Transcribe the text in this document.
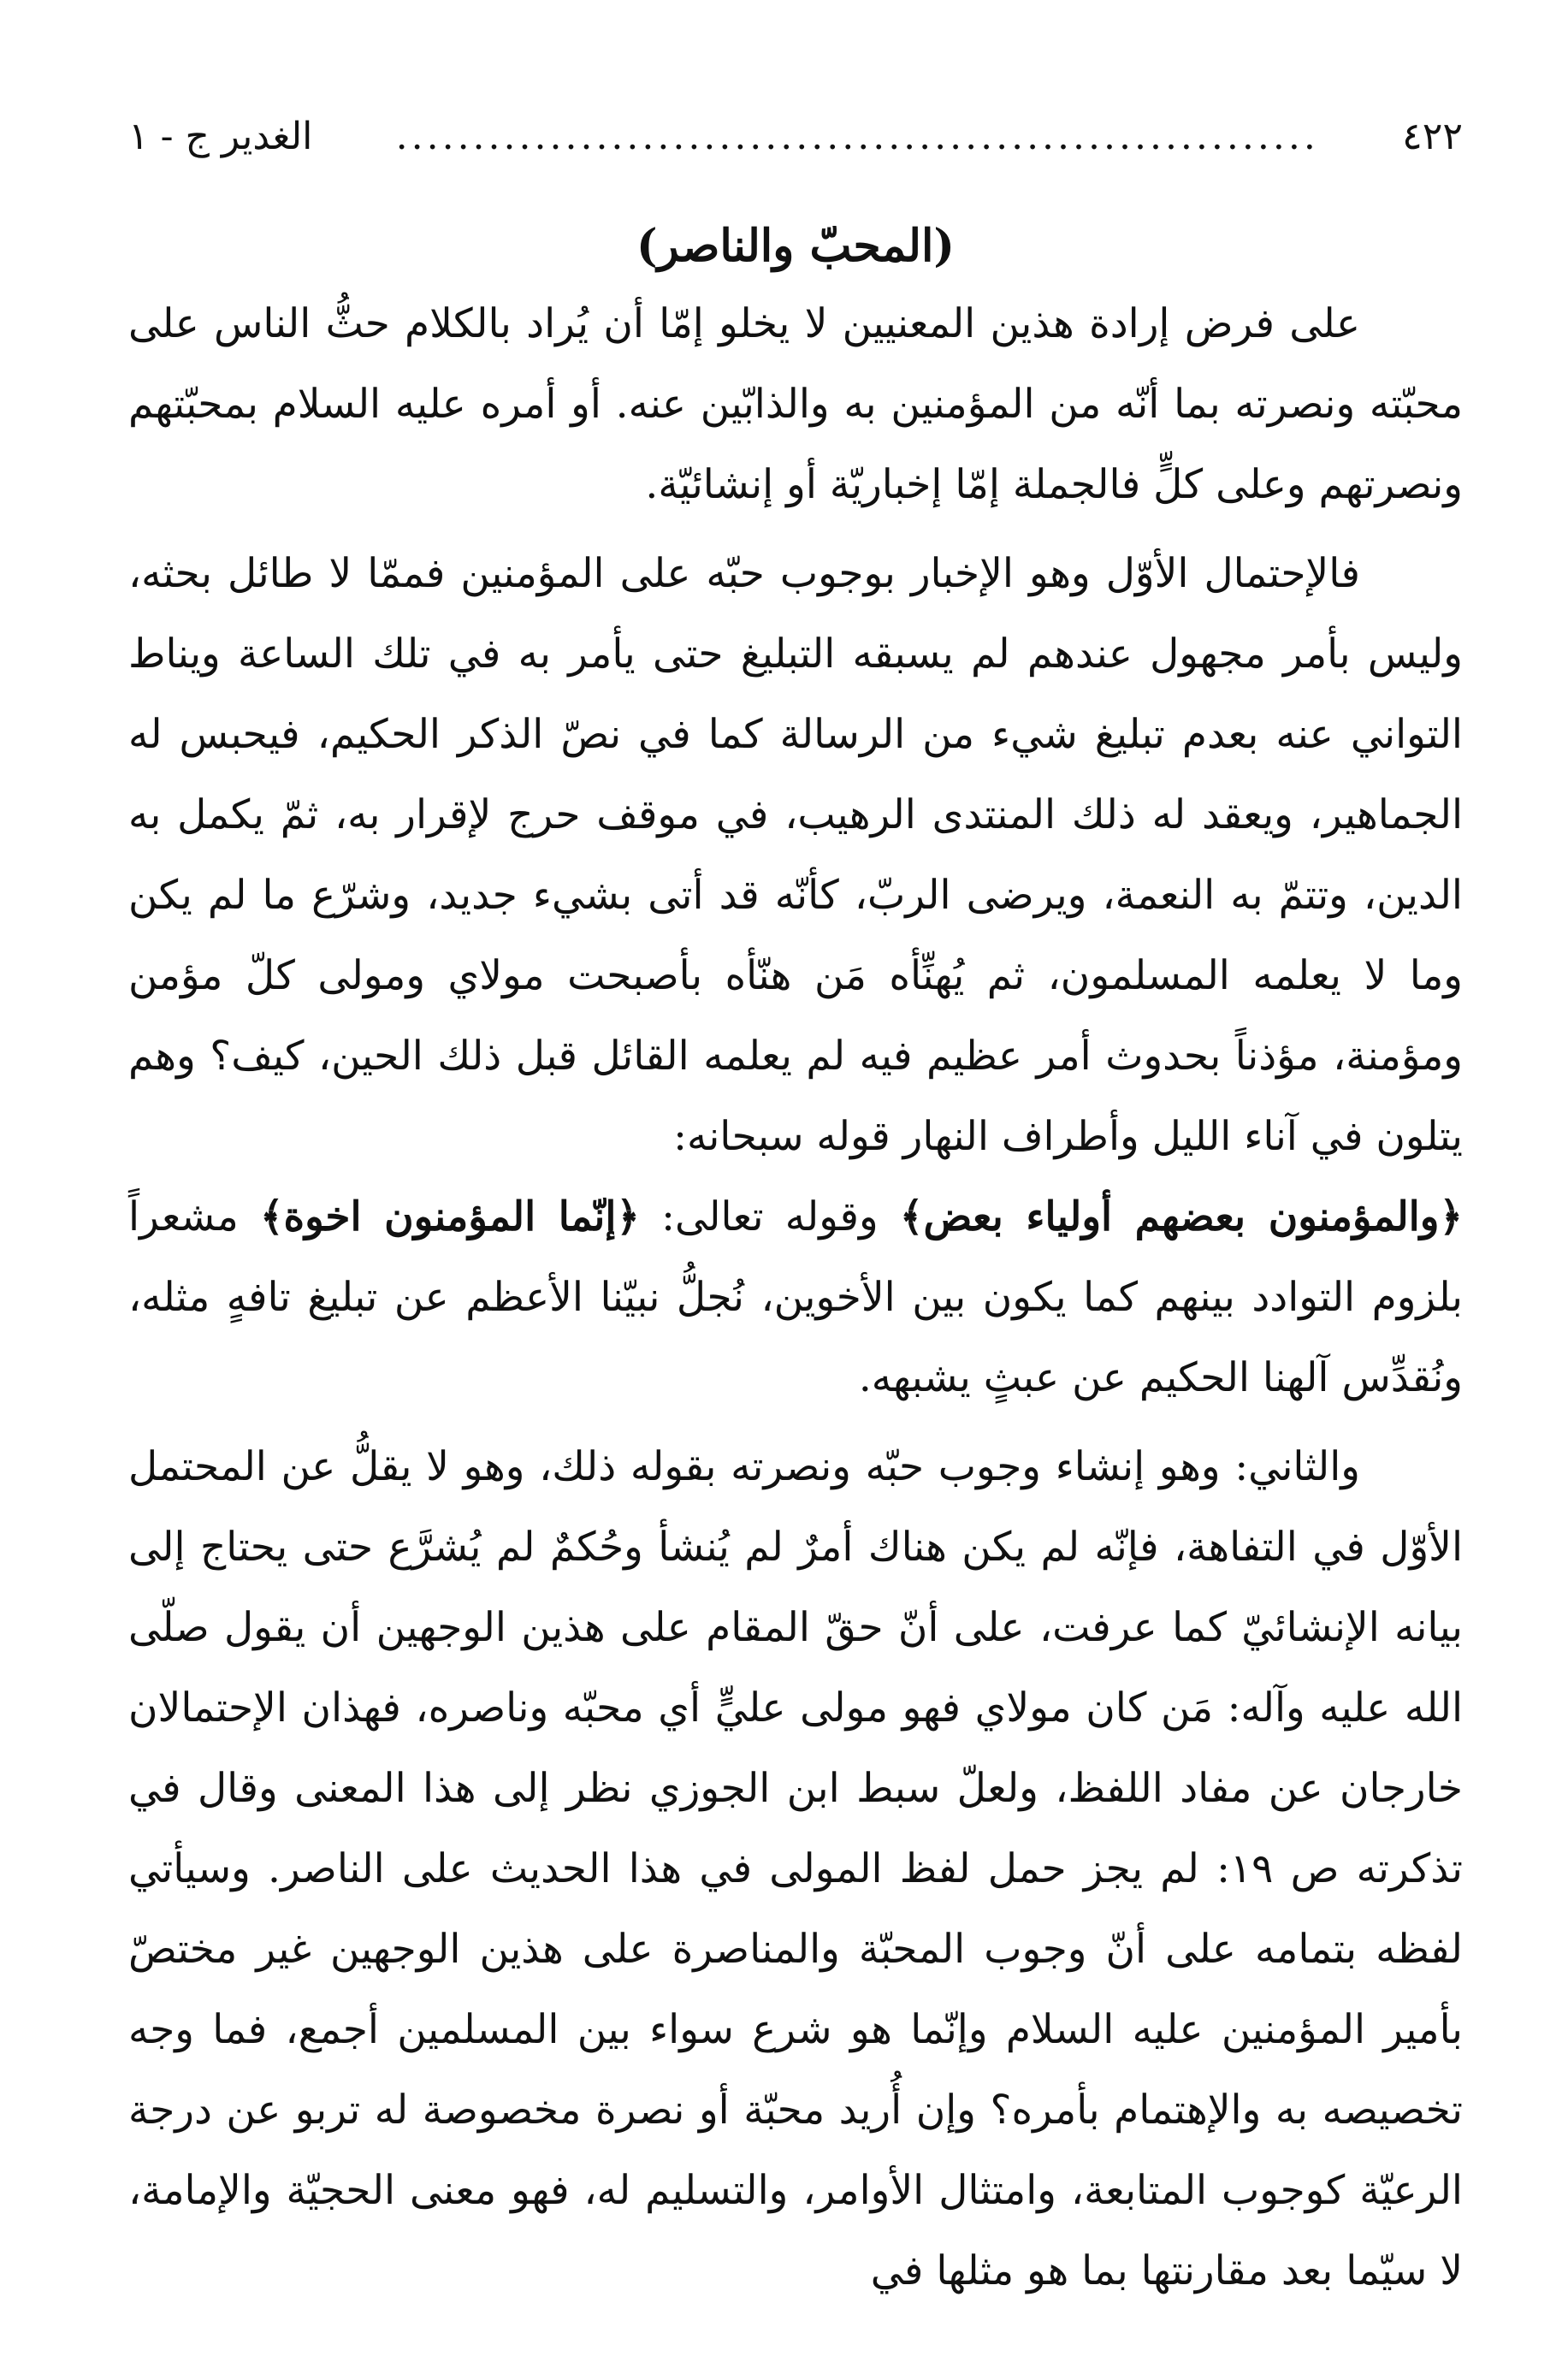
٤٢٢
............................................................
الغدير ج - ١
(المحبّ والناصر)

على فرض إرادة هذين المعنيين لا يخلو إمّا أن يُراد بالكلام حثُّ الناس على محبّته ونصرته بما أنّه من المؤمنين به والذابّين عنه. أو أمره عليه السلام بمحبّتهم ونصرتهم وعلى كلٍّ فالجملة إمّا إخباريّة أو إنشائيّة.

فالإحتمال الأوّل وهو الإخبار بوجوب حبّه على المؤمنين فممّا لا طائل بحثه، وليس بأمر مجهول عندهم لم يسبقه التبليغ حتى يأمر به في تلك الساعة ويناط التواني عنه بعدم تبليغ شيء من الرسالة كما في نصّ الذكر الحكيم، فيحبس له الجماهير، ويعقد له ذلك المنتدى الرهيب، في موقف حرج لإقرار به، ثمّ يكمل به الدين، وتتمّ به النعمة، ويرضى الربّ، كأنّه قد أتى بشيء جديد، وشرّع ما لم يكن وما لا يعلمه المسلمون، ثم يُهنِّأه مَن هنّأه بأصبحت مولاي ومولى كلّ مؤمن ومؤمنة، مؤذناً بحدوث أمر عظيم فيه لم يعلمه القائل قبل ذلك الحين، كيف؟ وهم يتلون في آناء الليل وأطراف النهار قوله سبحانه:
﴿والمؤمنون بعضهم أولياء بعض﴾ وقوله تعالى: ﴿إنّما المؤمنون اخوة﴾ مشعراً بلزوم التوادد بينهم كما يكون بين الأخوين، نُجلُّ نبيّنا الأعظم عن تبليغ تافهٍ مثله، ونُقدِّس آلهنا الحكيم عن عبثٍ يشبهه.

والثاني: وهو إنشاء وجوب حبّه ونصرته بقوله ذلك، وهو لا يقلُّ عن المحتمل الأوّل في التفاهة، فإنّه لم يكن هناك أمرٌ لم يُنشأ وحُكمٌ لم يُشرَّع حتى يحتاج إلى بيانه الإنشائيّ كما عرفت، على أنّ حقّ المقام على هذين الوجهين أن يقول صلّى الله عليه وآله: مَن كان مولاي فهو مولى عليٍّ أي محبّه وناصره، فهذان الإحتمالان خارجان عن مفاد اللفظ، ولعلّ سبط ابن الجوزي نظر إلى هذا المعنى وقال في تذكرته ص ١٩: لم يجز حمل لفظ المولى في هذا الحديث على الناصر. وسيأتي لفظه بتمامه على أنّ وجوب المحبّة والمناصرة على هذين الوجهين غير مختصّ بأمير المؤمنين عليه السلام وإنّما هو شرع سواء بين المسلمين أجمع، فما وجه تخصيصه به والإهتمام بأمره؟ وإن أُريد محبّة أو نصرة مخصوصة له تربو عن درجة الرعيّة كوجوب المتابعة، وامتثال الأوامر، والتسليم له، فهو معنى الحجيّة والإمامة، لا سيّما بعد مقارنتها بما هو مثلها في
